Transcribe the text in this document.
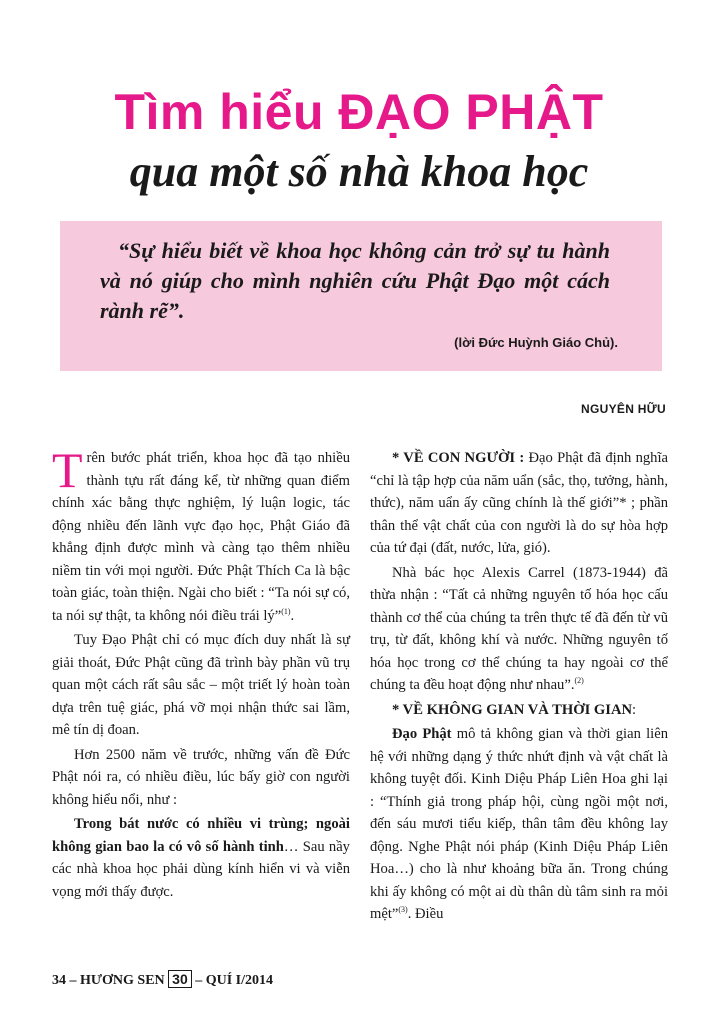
Tìm hiểu ĐẠO PHẬT
qua một số nhà khoa học
“Sự hiểu biết về khoa học không cản trở sự tu hành và nó giúp cho mình nghiên cứu Phật Đạo một cách rành rẽ”.
(lời Đức Huỳnh Giáo Chủ).
NGUYÊN HỮU

Trên bước phát triển, khoa học đã tạo nhiều thành tựu rất đáng kể, từ những quan điểm chính xác bằng thực nghiệm, lý luận logic, tác động nhiều đến lãnh vực đạo học, Phật Giáo đã khẳng định được mình và càng tạo thêm nhiều niềm tin với mọi người. Đức Phật Thích Ca là bậc toàn giác, toàn thiện. Ngài cho biết : “Ta nói sự có, ta nói sự thật, ta không nói điều trái lý”$^{(1)}$.

Tuy Đạo Phật chỉ có mục đích duy nhất là sự giải thoát, Đức Phật cũng đã trình bày phần vũ trụ quan một cách rất sâu sắc – một triết lý hoàn toàn dựa trên tuệ giác, phá vỡ mọi nhận thức sai lầm, mê tín dị đoan.

Hơn 2500 năm về trước, những vấn đề Đức Phật nói ra, có nhiều điều, lúc bấy giờ con người không hiểu nổi, như :

Trong bát nước có nhiều vi trùng; ngoài không gian bao la có vô số hành tinh… Sau nầy các nhà khoa học phải dùng kính hiển vi và viễn vọng mới thấy được.

* VỀ CON NGƯỜI : Đạo Phật đã định nghĩa “chỉ là tập hợp của năm uẩn (sắc, thọ, tưởng, hành, thức), năm uẩn ấy cũng chính là thế giới”* ; phần thân thể vật chất của con người là do sự hòa hợp của tứ đại (đất, nước, lửa, gió).

Nhà bác học Alexis Carrel (1873-1944) đã thừa nhận : “Tất cả những nguyên tố hóa học cấu thành cơ thể của chúng ta trên thực tế đã đến từ vũ trụ, từ đất, không khí và nước. Những nguyên tố hóa học trong cơ thể chúng ta hay ngoài cơ thể chúng ta đều hoạt động như nhau”.$^{(2)}$

* VỀ KHÔNG GIAN VÀ THỜI GIAN:

Đạo Phật mô tả không gian và thời gian liên hệ với những dạng ý thức nhứt định và vật chất là không tuyệt đối. Kinh Diệu Pháp Liên Hoa ghi lại : “Thính giả trong pháp hội, cùng ngồi một nơi, đến sáu mươi tiểu kiếp, thân tâm đều không lay động. Nghe Phật nói pháp (Kinh Diệu Pháp Liên Hoa…) cho là như khoảng bữa ăn. Trong chúng khi ấy không có một ai dù thân dù tâm sinh ra mỏi mệt”$^{(3)}$. Điều

34 – HƯƠNG SEN 30 – QUÍ I/2014
